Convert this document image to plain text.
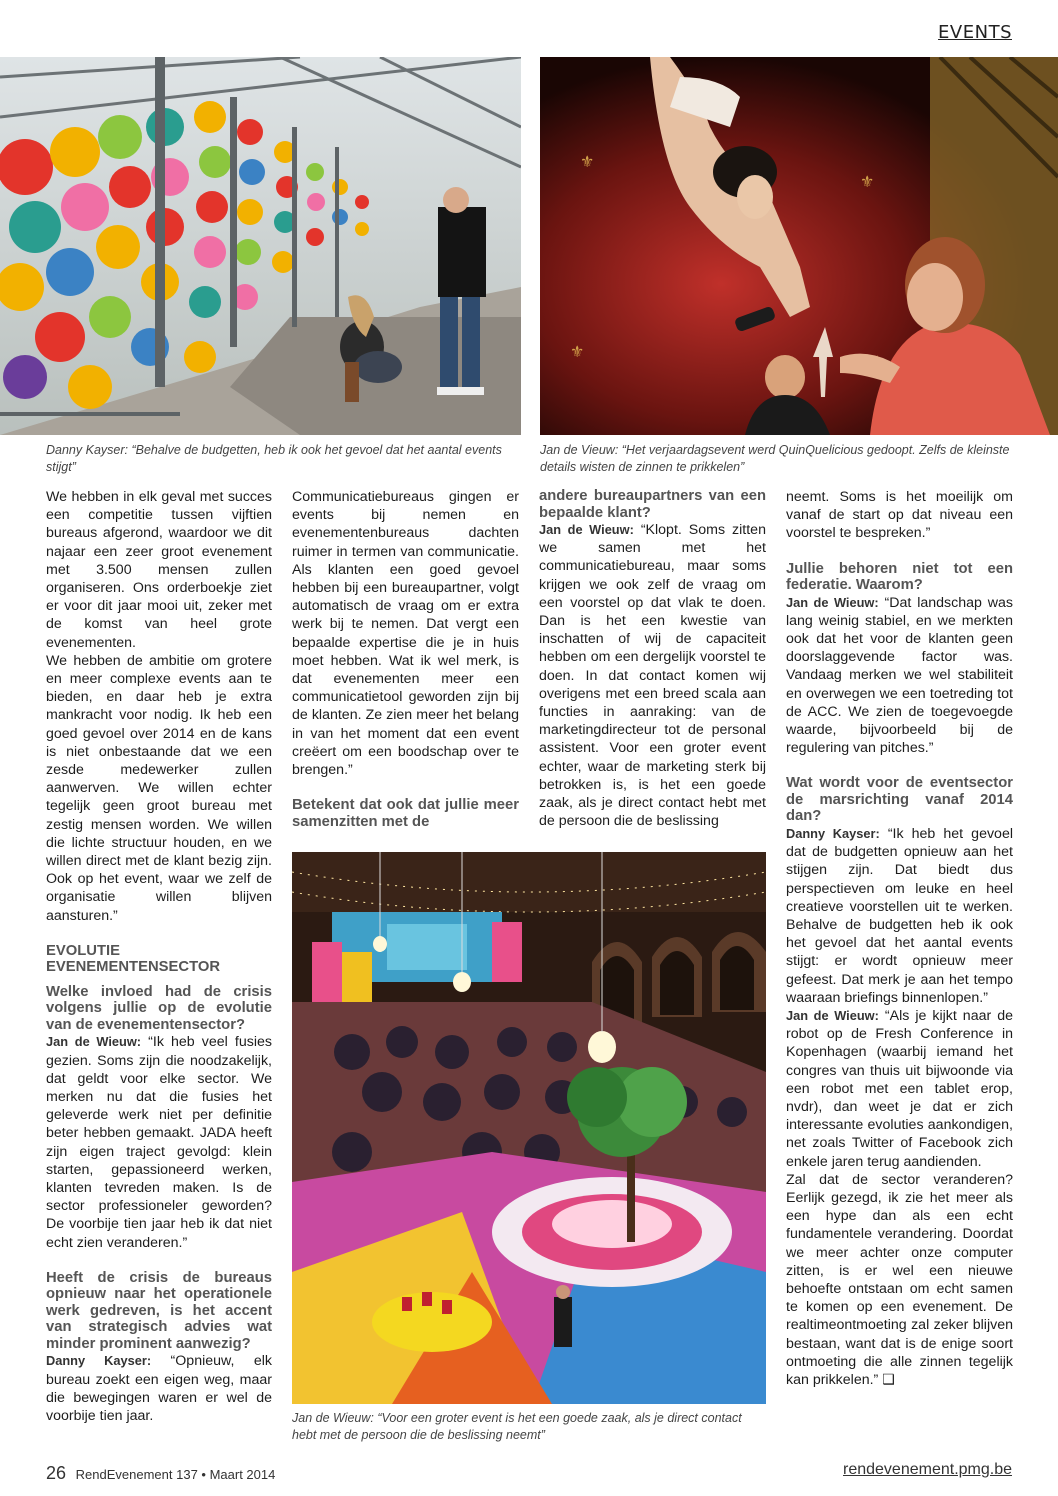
EVENTS
⚜
⚜
⚜
Danny Kayser: “Behalve de budgetten, heb ik ook het gevoel dat het aantal events stijgt”
Jan de Vieuw: “Het verjaardagsevent werd QuinQuelicious gedoopt. Zelfs de kleinste details wisten de zinnen te prikkelen”

We hebben in elk geval met succes een competitie tussen vijftien bureaus afgerond, waardoor we dit najaar een zeer groot evenement met 3.500 mensen zullen organiseren. Ons orderboekje ziet er voor dit jaar mooi uit, zeker met de komst van heel grote evenementen.

We hebben de ambitie om grotere en meer complexe events aan te bieden, en daar heb je extra mankracht voor nodig. Ik heb een goed gevoel over 2014 en de kans is niet onbestaande dat we een zesde medewerker zullen aanwerven. We willen echter tegelijk geen groot bureau met zestig mensen worden. We willen die lichte structuur houden, en we willen direct met de klant bezig zijn. Ook op het event, waar we zelf de organisatie willen blijven aansturen.”

EVOLUTIE EVENEMENTENSECTOR
Welke invloed had de crisis volgens jullie op de evolutie van de evenementensector?

Jan de Wieuw: “Ik heb veel fusies gezien. Soms zijn die noodzakelijk, dat geldt voor elke sector. We merken nu dat die fusies het geleverde werk niet per definitie beter hebben gemaakt. JADA heeft zijn eigen traject gevolgd: klein starten, gepassioneerd werken, klanten tevreden maken. Is de sector professioneler geworden? De voorbije tien jaar heb ik dat niet echt zien veranderen.”

Heeft de crisis de bureaus opnieuw naar het operationele werk gedreven, is het accent van strategisch advies wat minder prominent aanwezig?

Danny Kayser: “Opnieuw, elk bureau zoekt een eigen weg, maar die bewegingen waren er wel de voorbije tien jaar.

Communicatiebureaus gingen er events bij nemen en evenementenbureaus dachten ruimer in termen van communicatie. Als klanten een goed gevoel hebben bij een bureaupartner, volgt automatisch de vraag om er extra werk bij te nemen. Dat vergt een bepaalde expertise die je in huis moet hebben. Wat ik wel merk, is dat evenementen meer een communicatietool geworden zijn bij de klanten. Ze zien meer het belang in van het moment dat een event creëert om een boodschap over te brengen.”

Betekent dat ook dat jullie meer samenzitten met de
andere bureaupartners van een bepaalde klant?

Jan de Wieuw: “Klopt. Soms zitten we samen met het communicatiebureau, maar soms krijgen we ook zelf de vraag om een voorstel op dat vlak te doen. Dan is het een kwestie van inschatten of wij de capaciteit hebben om een dergelijk voorstel te doen. In dat contact komen wij overigens met een breed scala aan functies in aanraking: van de marketingdirecteur tot de personal assistent. Voor een groter event echter, waar de marketing sterk bij betrokken is, is het een goede zaak, als je direct contact hebt met de persoon die de beslissing

neemt. Soms is het moeilijk om vanaf de start op dat niveau een voorstel te bespreken.”

Jullie behoren niet tot een federatie. Waarom?

Jan de Wieuw: “Dat landschap was lang weinig stabiel, en we merkten ook dat het voor de klanten geen doorslaggevende factor was. Vandaag merken we wel stabiliteit en overwegen we een toetreding tot de ACC. We zien de toegevoegde waarde, bijvoorbeeld bij de regulering van pitches.”

Wat wordt voor de eventsector de marsrichting vanaf 2014 dan?

Danny Kayser: “Ik heb het gevoel dat de budgetten opnieuw aan het stijgen zijn. Dat biedt dus perspectieven om leuke en heel creatieve voorstellen uit te werken. Behalve de budgetten heb ik ook het gevoel dat het aantal events stijgt: er wordt opnieuw meer gefeest. Dat merk je aan het tempo waaraan briefings binnenlopen.”

Jan de Wieuw: “Als je kijkt naar de robot op de Fresh Conference in Kopenhagen (waarbij iemand het congres van thuis uit bijwoonde via een robot met een tablet erop, nvdr), dan weet je dat er zich interessante evoluties aankondigen, net zoals Twitter of Facebook zich enkele jaren terug aandienden.

Zal dat de sector veranderen? Eerlijk gezegd, ik zie het meer als een hype dan als een echt fundamentele verandering. Doordat we meer achter onze computer zitten, is er wel een nieuwe behoefte ontstaan om echt samen te komen op een evenement. De realtimeontmoeting zal zeker blijven bestaan, want dat is de enige soort ontmoeting die alle zinnen tegelijk kan prikkelen.” ❑

Jan de Wieuw: “Voor een groter event is het een goede zaak, als je direct contact hebt met de persoon die de beslissing neemt”
26 RendEvenement 137 • Maart 2014	rendevenement.pmg.be
